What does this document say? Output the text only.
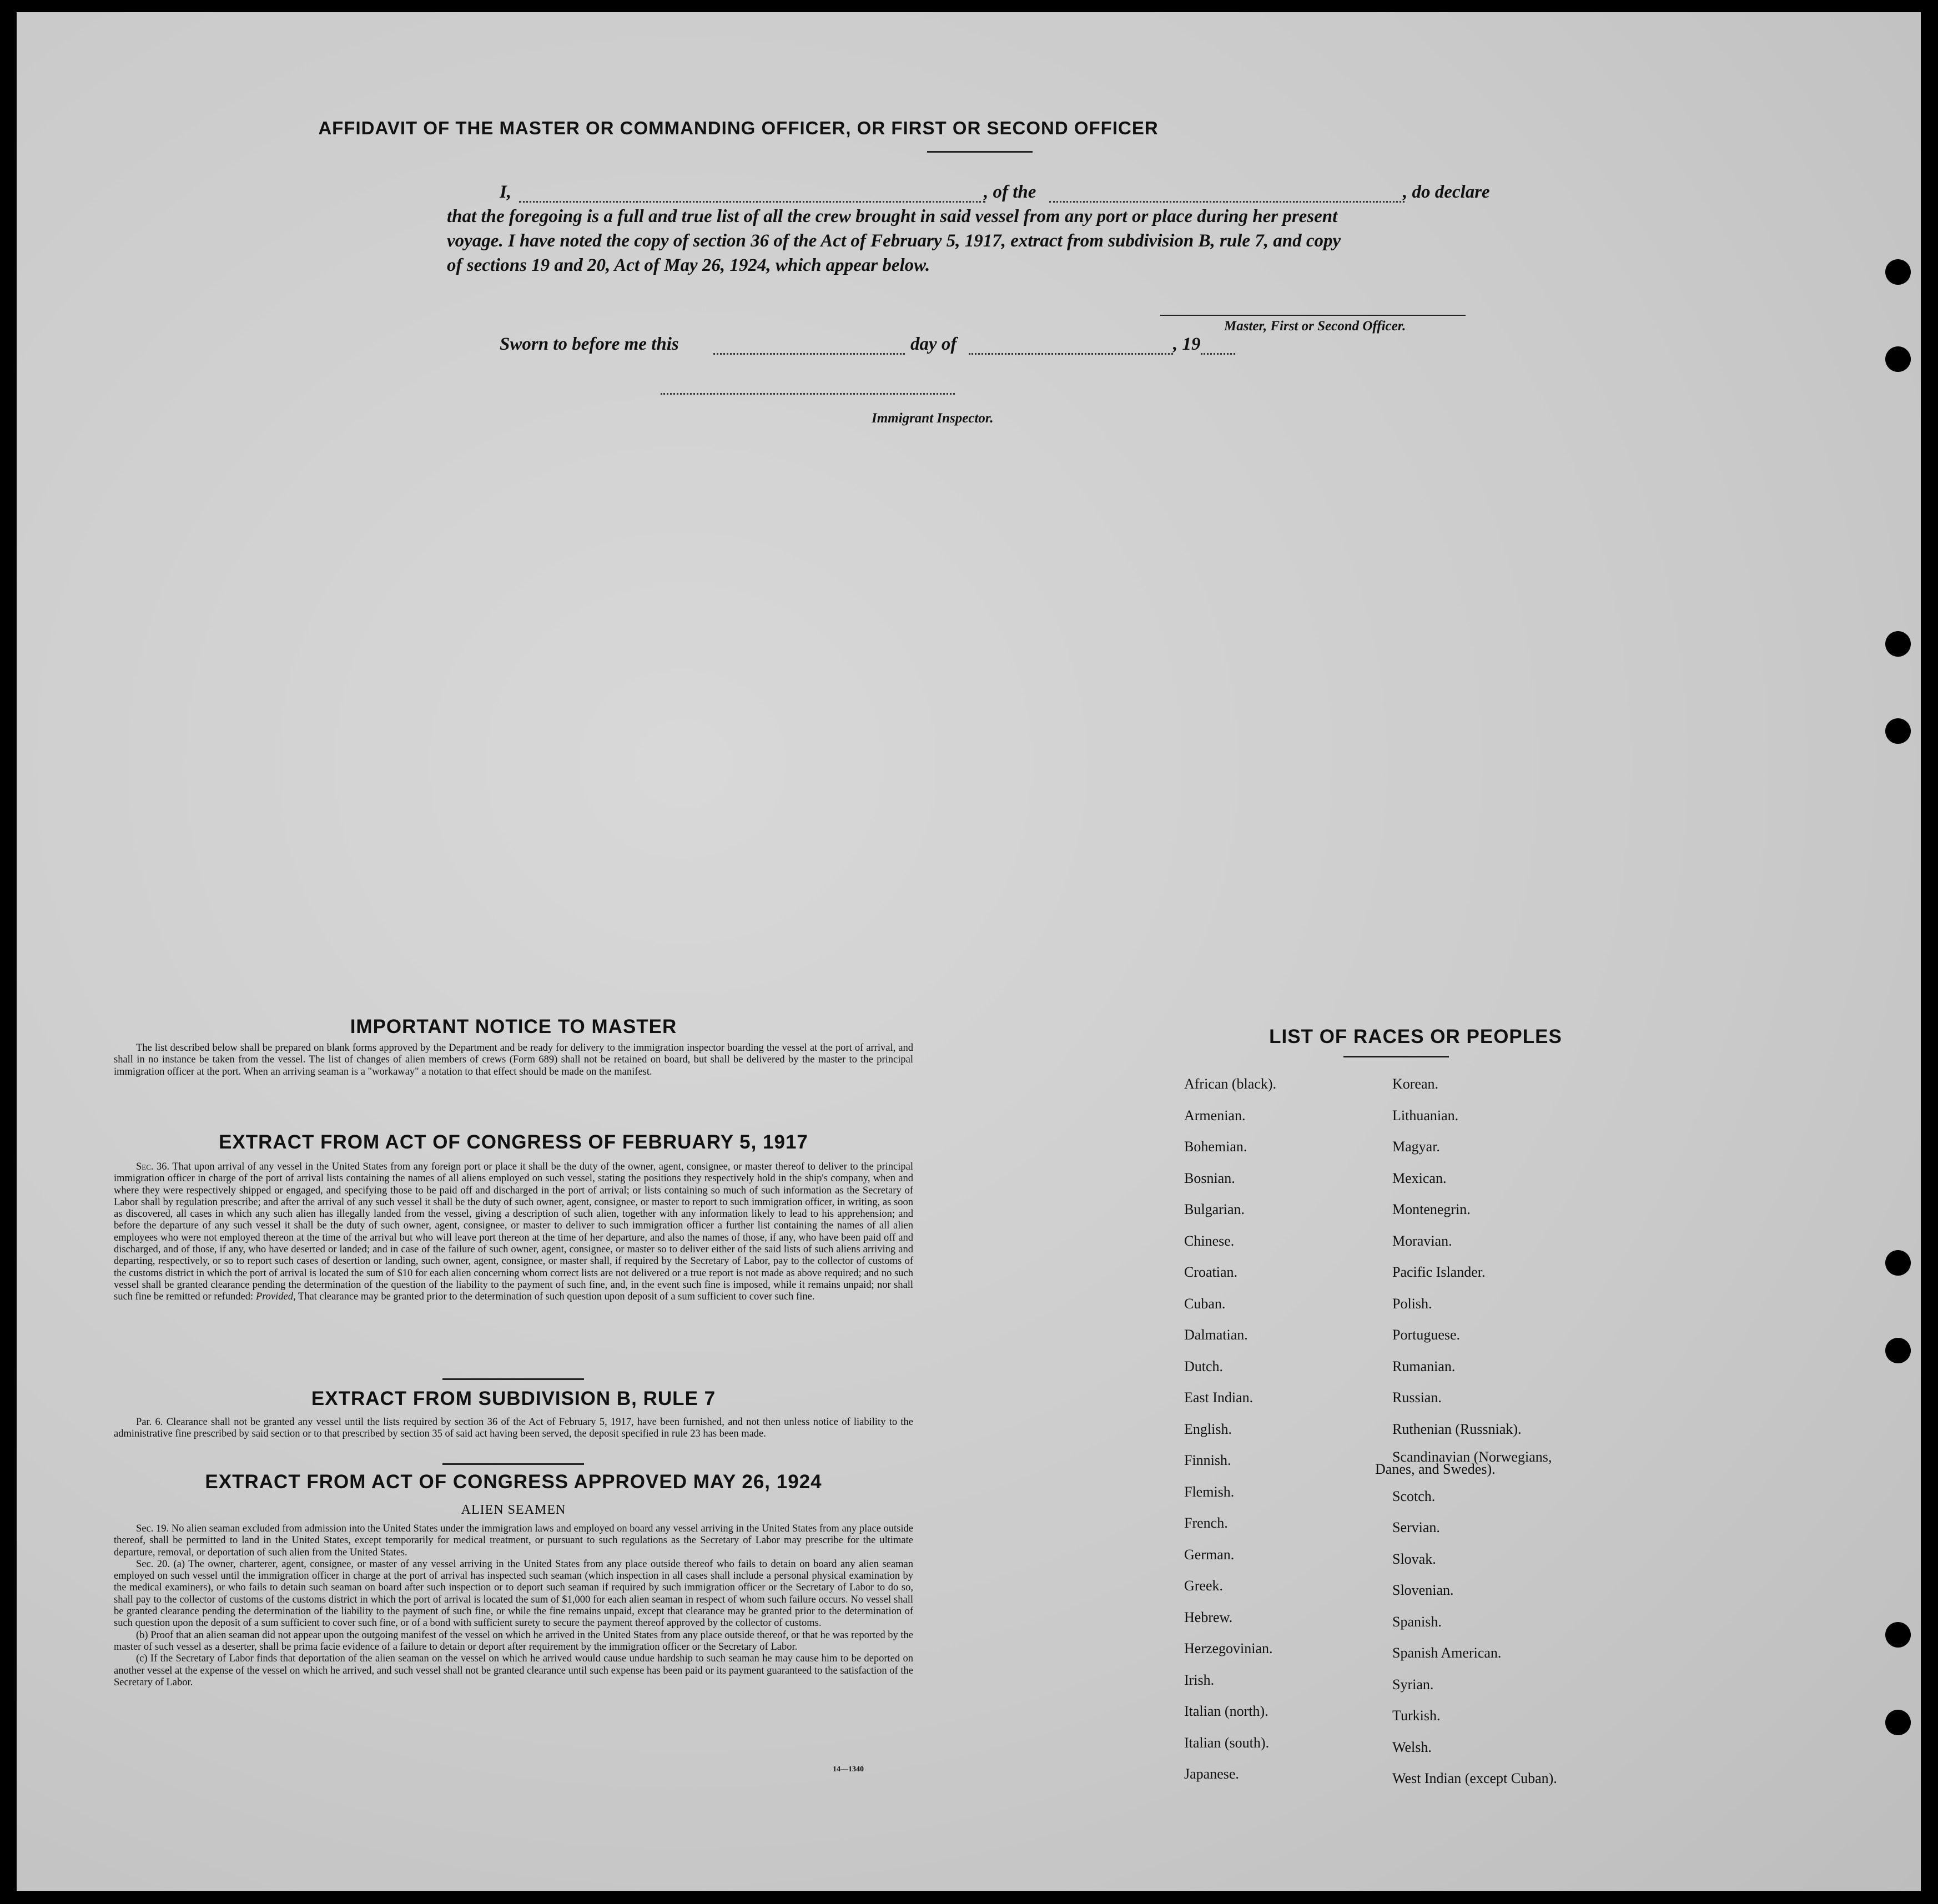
AFFIDAVIT OF THE MASTER OR COMMANDING OFFICER, OR FIRST OR SECOND OFFICER
I,	, of the	, do declare
that the foregoing is a full and true list of all the crew brought in said vessel from any port or place during her present
voyage. I have noted the copy of section 36 of the Act of February 5, 1917, extract from subdivision B, rule 7, and copy
of sections 19 and 20, Act of May 26, 1924, which appear below.
Master, First or Second Officer.
Sworn to before me this	day of	, 19
Immigrant Inspector.
IMPORTANT NOTICE TO MASTER

The list described below shall be prepared on blank forms approved by the Department and be ready for delivery to the immigration inspector boarding the vessel at the port of arrival, and shall in no instance be taken from the vessel. The list of changes of alien members of crews (Form 689) shall not be retained on board, but shall be delivered by the master to the principal immigration officer at the port. When an arriving seaman is a "workaway" a notation to that effect should be made on the manifest.

EXTRACT FROM ACT OF CONGRESS OF FEBRUARY 5, 1917

Sec. 36. That upon arrival of any vessel in the United States from any foreign port or place it shall be the duty of the owner, agent, consignee, or master thereof to deliver to the principal immigration officer in charge of the port of arrival lists containing the names of all aliens employed on such vessel, stating the positions they respectively hold in the ship's company, when and where they were respectively shipped or engaged, and specifying those to be paid off and discharged in the port of arrival; or lists containing so much of such information as the Secretary of Labor shall by regulation prescribe; and after the arrival of any such vessel it shall be the duty of such owner, agent, consignee, or master to report to such immigration officer, in writing, as soon as discovered, all cases in which any such alien has illegally landed from the vessel, giving a description of such alien, together with any information likely to lead to his apprehension; and before the departure of any such vessel it shall be the duty of such owner, agent, consignee, or master to deliver to such immigration officer a further list containing the names of all alien employees who were not employed thereon at the time of the arrival but who will leave port thereon at the time of her departure, and also the names of those, if any, who have been paid off and discharged, and of those, if any, who have deserted or landed; and in case of the failure of such owner, agent, consignee, or master so to deliver either of the said lists of such aliens arriving and departing, respectively, or so to report such cases of desertion or landing, such owner, agent, consignee, or master shall, if required by the Secretary of Labor, pay to the collector of customs of the customs district in which the port of arrival is located the sum of $10 for each alien concerning whom correct lists are not delivered or a true report is not made as above required; and no such vessel shall be granted clearance pending the determination of the question of the liability to the payment of such fine, and, in the event such fine is imposed, while it remains unpaid; nor shall such fine be remitted or refunded: Provided, That clearance may be granted prior to the determination of such question upon deposit of a sum sufficient to cover such fine.

EXTRACT FROM SUBDIVISION B, RULE 7

Par. 6. Clearance shall not be granted any vessel until the lists required by section 36 of the Act of February 5, 1917, have been furnished, and not then unless notice of liability to the administrative fine prescribed by said section or to that prescribed by section 35 of said act having been served, the deposit specified in rule 23 has been made.

EXTRACT FROM ACT OF CONGRESS APPROVED MAY 26, 1924
ALIEN SEAMEN

Sec. 19. No alien seaman excluded from admission into the United States under the immigration laws and employed on board any vessel arriving in the United States from any place outside thereof, shall be permitted to land in the United States, except temporarily for medical treatment, or pursuant to such regulations as the Secretary of Labor may prescribe for the ultimate departure, removal, or deportation of such alien from the United States.

Sec. 20. (a) The owner, charterer, agent, consignee, or master of any vessel arriving in the United States from any place outside thereof who fails to detain on board any alien seaman employed on such vessel until the immigration officer in charge at the port of arrival has inspected such seaman (which inspection in all cases shall include a personal physical examination by the medical examiners), or who fails to detain such seaman on board after such inspection or to deport such seaman if required by such immigration officer or the Secretary of Labor to do so, shall pay to the collector of customs of the customs district in which the port of arrival is located the sum of $1,000 for each alien seaman in respect of whom such failure occurs. No vessel shall be granted clearance pending the determination of the liability to the payment of such fine, or while the fine remains unpaid, except that clearance may be granted prior to the determination of such question upon the deposit of a sum sufficient to cover such fine, or of a bond with sufficient surety to secure the payment thereof approved by the collector of customs.

(b) Proof that an alien seaman did not appear upon the outgoing manifest of the vessel on which he arrived in the United States from any place outside thereof, or that he was reported by the master of such vessel as a deserter, shall be prima facie evidence of a failure to detain or deport after requirement by the immigration officer or the Secretary of Labor.

(c) If the Secretary of Labor finds that deportation of the alien seaman on the vessel on which he arrived would cause undue hardship to such seaman he may cause him to be deported on another vessel at the expense of the vessel on which he arrived, and such vessel shall not be granted clearance until such expense has been paid or its payment guaranteed to the satisfaction of the Secretary of Labor.

14—1340
LIST OF RACES OR PEOPLES
Danes, and Swedes).
African (black).
Armenian.
Bohemian.
Bosnian.
Bulgarian.
Chinese.
Croatian.
Cuban.
Dalmatian.
Dutch.
East Indian.
English.
Finnish.
Flemish.
French.
German.
Greek.
Hebrew.
Herzegovinian.
Irish.
Italian (north).
Italian (south).
Japanese.
Korean.
Lithuanian.
Magyar.
Mexican.
Montenegrin.
Moravian.
Pacific Islander.
Polish.
Portuguese.
Rumanian.
Russian.
Ruthenian (Russniak).
Scandinavian (Norwegians,
Scotch.
Servian.
Slovak.
Slovenian.
Spanish.
Spanish American.
Syrian.
Turkish.
Welsh.
West Indian (except Cuban).
